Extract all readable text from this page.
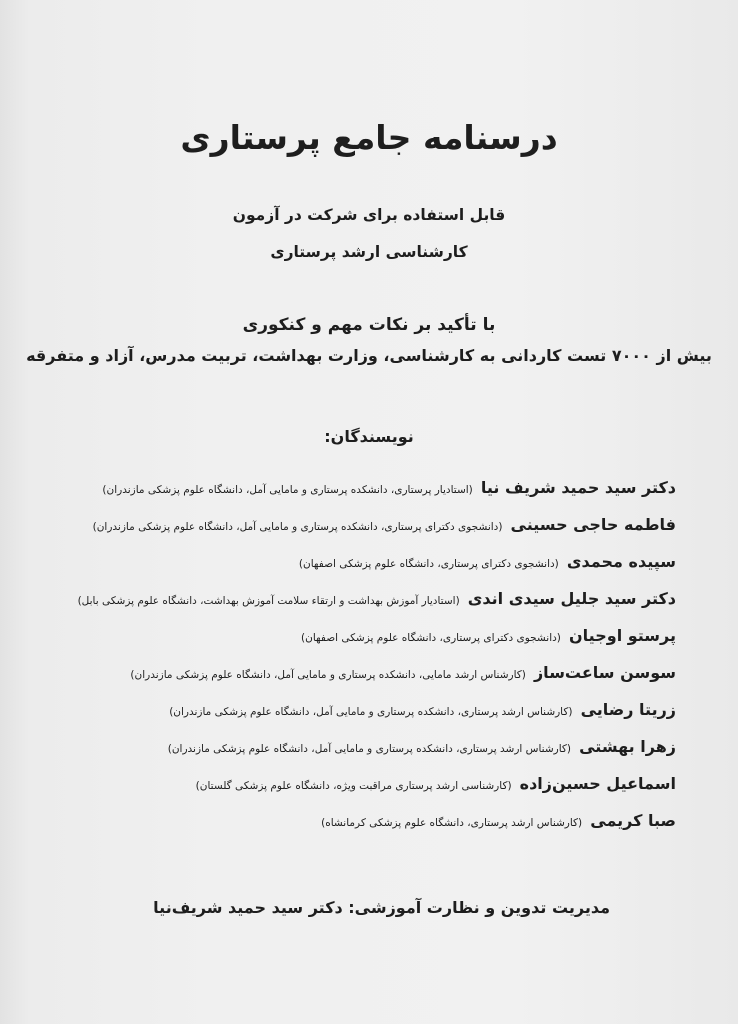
درسنامه جامع پرستاری
قابل استفاده برای شرکت در آزمون
کارشناسی ارشد پرستاری
با تأکید بر نکات مهم و کنکوری
بیش از ۷۰۰۰ تست کاردانی به کارشناسی، وزارت بهداشت، تربیت مدرس، آزاد و متفرقه
نویسندگان:
دکتر سید حمید شریف نیا (استادیار پرستاری، دانشکده پرستاری و مامایی آمل، دانشگاه علوم پزشکی مازندران)
فاطمه حاجی حسینی (دانشجوی دکترای پرستاری، دانشکده پرستاری و مامایی آمل، دانشگاه علوم پزشکی مازندران)
سپیده محمدی (دانشجوی دکترای پرستاری، دانشگاه علوم پزشکی اصفهان)
دکتر سید جلیل سیدی اندی (استادیار آموزش بهداشت و ارتقاء سلامت آموزش بهداشت، دانشگاه علوم پزشکی بابل)
پرستو اوجیان (دانشجوی دکترای پرستاری، دانشگاه علوم پزشکی اصفهان)
سوسن ساعت‌ساز (کارشناس ارشد مامایی، دانشکده پرستاری و مامایی آمل، دانشگاه علوم پزشکی مازندران)
زریتا رضایی (کارشناس ارشد پرستاری، دانشکده پرستاری و مامایی آمل، دانشگاه علوم پزشکی مازندران)
زهرا بهشتی (کارشناس ارشد پرستاری، دانشکده پرستاری و مامایی آمل، دانشگاه علوم پزشکی مازندران)
اسماعیل حسین‌زاده (کارشناسی ارشد پرستاری مراقبت ویژه، دانشگاه علوم پزشکی گلستان)
صبا کریمی (کارشناس ارشد پرستاری، دانشگاه علوم پزشکی کرمانشاه)
مدیریت تدوین و نظارت آموزشی: دکتر سید حمید شریف‌نیا
